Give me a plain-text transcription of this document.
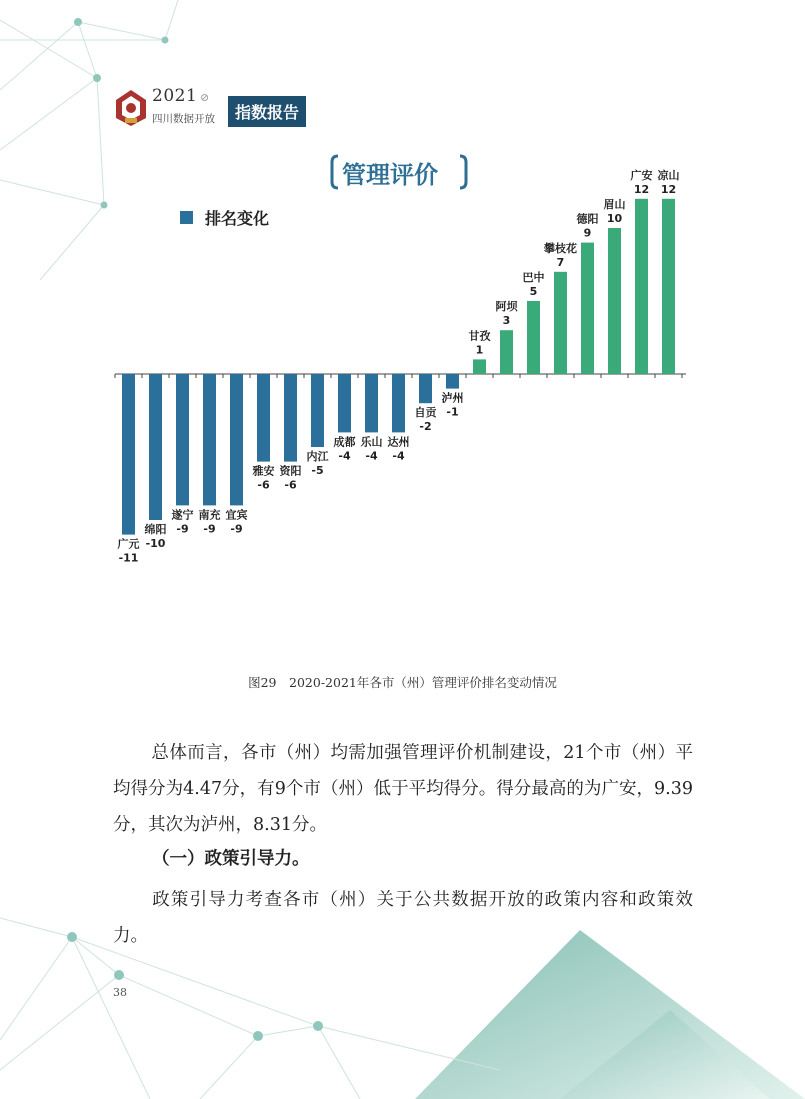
2021 ⊘
四川数据开放	指数报告
管理评价
排名变化
广元
-11
绵阳
-10
遂宁
-9
南充
-9
宜宾
-9
雅安
-6
资阳
-6
内江
-5
成都
-4
乐山
-4
达州
-4
自贡
-2
泸州
-1
甘孜
1
阿坝
3
巴中
5
攀枝花
7
德阳
9
眉山
10
广安
12
凉山
12
图29　2020-2021年各市（州）管理评价排名变动情况
总体而言，各市（州）均需加强管理评价机制建设，21个市（州）平均得分为4.47分，有9个市（州）低于平均得分。得分最高的为广安，9.39分，其次为泸州，8.31分。
（一）政策引导力。
政策引导力考查各市（州）关于公共数据开放的政策内容和政策效力。
38
